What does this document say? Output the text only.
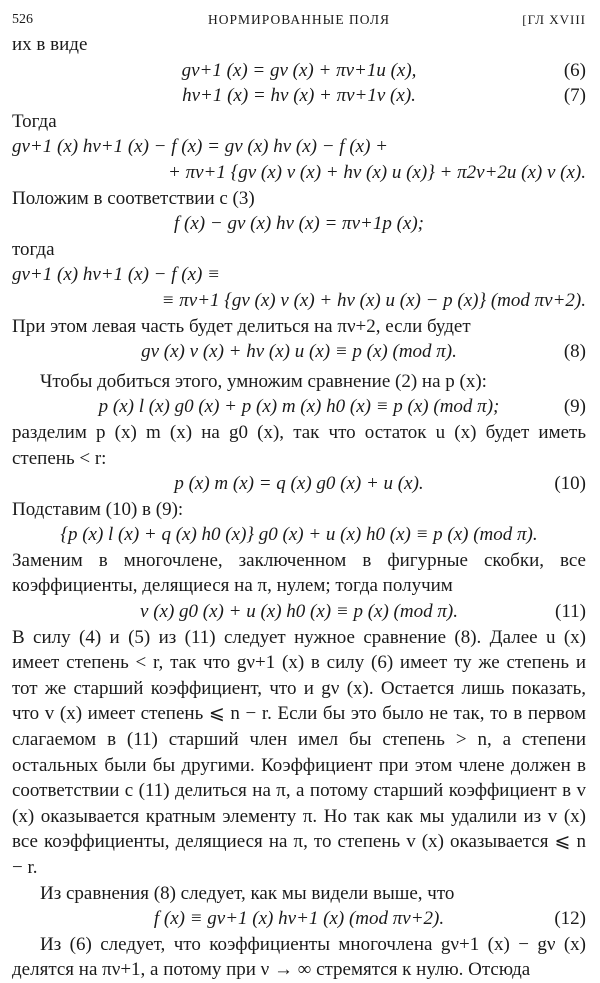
526	НОРМИРОВАННЫЕ ПОЛЯ	[ГЛ XVIII

их в виде

gν+1 (x) = gν (x) + πν+1u (x),	(6)
hν+1 (x) = hν (x) + πν+1v (x).	(7)

Тогда

gν+1 (x) hν+1 (x) − f (x) = gν (x) hν (x) − f (x) +
+ πν+1 {gν (x) v (x) + hν (x) u (x)} + π2ν+2u (x) v (x).

Положим в соответствии с (3)

f (x) − gν (x) hν (x) = πν+1p (x);

тогда

gν+1 (x) hν+1 (x) − f (x) ≡
≡ πν+1 {gν (x) v (x) + hν (x) u (x) − p (x)} (mod πν+2).

При этом левая часть будет делиться на πν+2, если будет

gν (x) v (x) + hν (x) u (x) ≡ p (x) (mod π).	(8)

Чтобы добиться этого, умножим сравнение (2) на p (x):

p (x) l (x) g0 (x) + p (x) m (x) h0 (x) ≡ p (x) (mod π);	(9)

разделим p (x) m (x) на g0 (x), так что остаток u (x) будет иметь степень < r:

p (x) m (x) = q (x) g0 (x) + u (x).	(10)

Подставим (10) в (9):

{p (x) l (x) + q (x) h0 (x)} g0 (x) + u (x) h0 (x) ≡ p (x) (mod π).

Заменим в многочлене, заключенном в фигурные скобки, все коэффициенты, делящиеся на π, нулем; тогда получим

v (x) g0 (x) + u (x) h0 (x) ≡ p (x) (mod π).	(11)

В силу (4) и (5) из (11) следует нужное сравнение (8). Далее u (x) имеет степень < r, так что gν+1 (x) в силу (6) имеет ту же степень и тот же старший коэффициент, что и gν (x). Остается лишь показать, что v (x) имеет степень ⩽ n − r. Если бы это было не так, то в первом слагаемом в (11) старший член имел бы степень > n, а степени остальных были бы другими. Коэффициент при этом члене должен в соответствии с (11) делиться на π, а потому старший коэффициент в v (x) оказывается кратным элементу π. Но так как мы удалили из v (x) все коэффициенты, делящиеся на π, то степень v (x) оказывается ⩽ n − r.

Из сравнения (8) следует, как мы видели выше, что

f (x) ≡ gν+1 (x) hν+1 (x) (mod πν+2).	(12)

Из (6) следует, что коэффициенты многочлена gν+1 (x) − gν (x) делятся на πν+1, а потому при ν → ∞ стремятся к нулю. Отсюда
